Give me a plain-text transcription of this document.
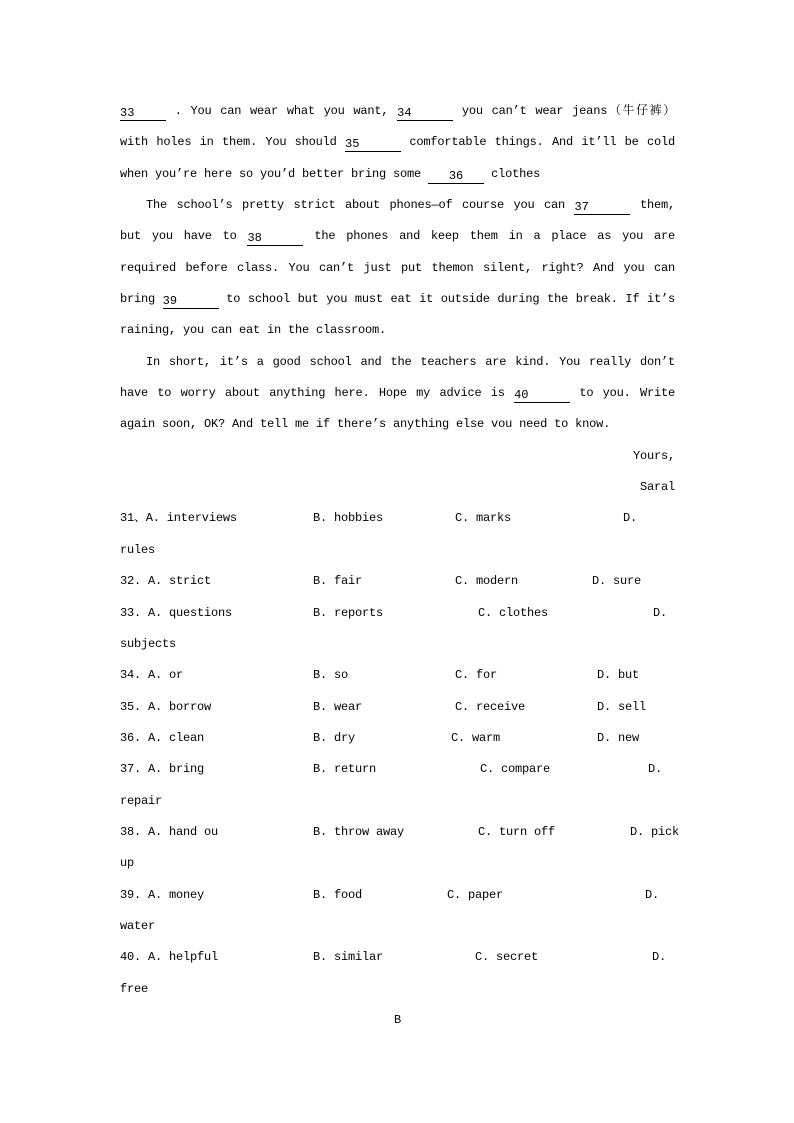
33	. You can wear what you want, 34	you can’t wear jeans（牛仔裤）
with holes in them. You should 35	comfortable things. And it’ll be cold
when you’re here so you’d better bring some 36 clothes
The school’s pretty strict about phones—of course you can 37	them,
but you have to 38	the phones and keep them in a place as you are
required before class. You can’t just put themon silent, right? And you can
bring 39	to school but you must eat it outside during the break. If it’s
raining, you can eat in the classroom.
In short, it’s a good school and the teachers are kind. You really don’t
have to worry about anything here. Hope my advice is 40	to you. Write
again soon, OK? And tell me if there’s anything else vou need to know.
Yours,
Saral
31、A. interviews	B. hobbies	C. marks	D.
rules
32. A. strict	B. fair	C. modern	D. sure
33. A. questions	B. reports	C. clothes	D.
subjects
34. A. or	B. so	C. for	D. but
35. A. borrow	B. wear	C. receive	D. sell
36. A. clean	B. dry	C. warm	D. new
37. A. bring	B. return	C. compare	D.
repair
38. A. hand ou	B. throw away	C. turn off	D. pick
up
39. A. money	B. food	C. paper	D.
water
40. A. helpful	B. similar	C. secret	D.
free
B
